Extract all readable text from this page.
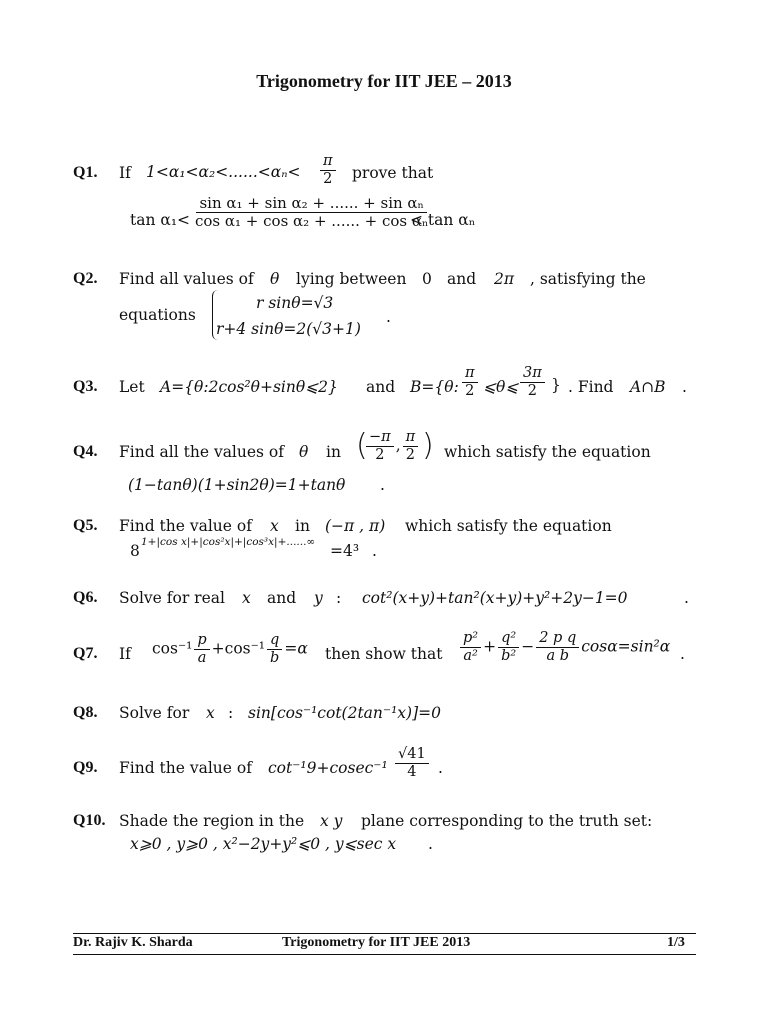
Trigonometry for IIT JEE – 2013
Q1. If $1<\alpha_1<\alpha_2<......<\alpha_n< \frac{\pi}{2}$ prove that
$\tan \alpha_1< \frac{\text{sin α₁ + sin α₂ + ...... + sin αₙ}}{\text{cos α₁ + cos α₂ + ...... + cos αₙ}}$
< tan αₙ
Q2. Find all values of θ lying between 0 and 2π , satisfying the
equations
r sinθ=√3
r+4 sinθ=2(√3+1)
.
Q3. Let A={θ:2cos²θ+sinθ⩽2} and B={θ: $\frac{\pi}{2}$ ⩽θ⩽ $\frac{3\pi}{2}$ } . Find A∩B .
Q4. Find all the values of θ in (
$\frac{-\pi}{2}$ , $\frac{\pi}{2}$ ) which satisfy the equation
(1−tanθ)(1+sin2θ)=1+tanθ .
Q5. Find the value of x in (−π , π) which satisfy the equation
8 1+|cos x|+|cos²x|+|cos³x|+......∞ =4³ .
Q6. Solve for real x and y : cot²(x+y)+tan²(x+y)+y²+2y−1=0	.
Q7. If $\cos^{-1} \frac{p}{a} +\cos^{-1} \frac{q}{b} =\alpha$ then show that $\frac{\text{p²}}{\text{a²}} + \frac{\text{q²}}{\text{b²}} - \frac{\text{2 p q}}{\text{a b}} \cos\alpha=\sin^2\alpha$ .
Q8. Solve for x : sin[cos⁻¹cot(2tan⁻¹x)]=0
Q9. Find the value of $\cot^{-1}9+cosec^{-1} \frac{√41}{4}$ .
Q10. Shade the region in the x y plane corresponding to the truth set:
x⩾0 , y⩾0 , x²−2y+y²⩽0 , y⩽sec x .
Dr. Rajiv K. Sharda	Trigonometry for IIT JEE 2013	1/3
